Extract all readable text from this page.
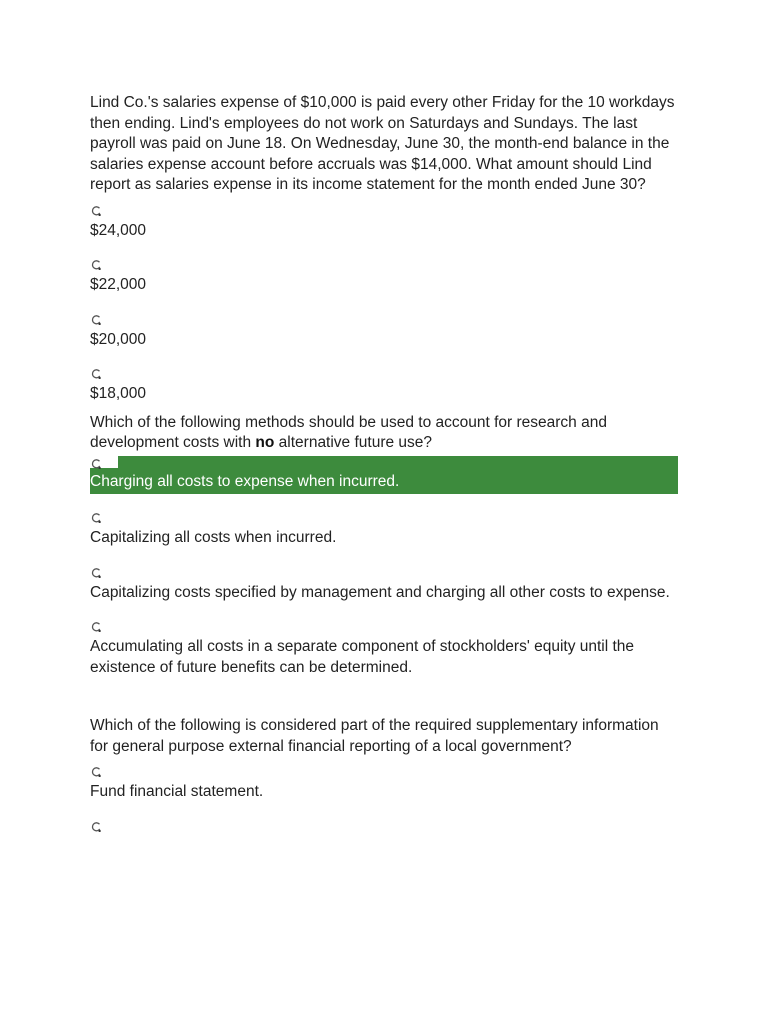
Lind Co.'s salaries expense of $10,000 is paid every other Friday for the 10 workdays then ending. Lind's employees do not work on Saturdays and Sundays. The last payroll was paid on June 18. On Wednesday, June 30, the month-end balance in the salaries expense account before accruals was $14,000. What amount should Lind report as salaries expense in its income statement for the month ended June 30?

$24,000

$22,000

$20,000

$18,000

Which of the following methods should be used to account for research and development costs with no alternative future use?

Charging all costs to expense when incurred.

Capitalizing all costs when incurred.

Capitalizing costs specified by management and charging all other costs to expense.

Accumulating all costs in a separate component of stockholders' equity until the existence of future benefits can be determined.

Which of the following is considered part of the required supplementary information for general purpose external financial reporting of a local government?

Fund financial statement.
